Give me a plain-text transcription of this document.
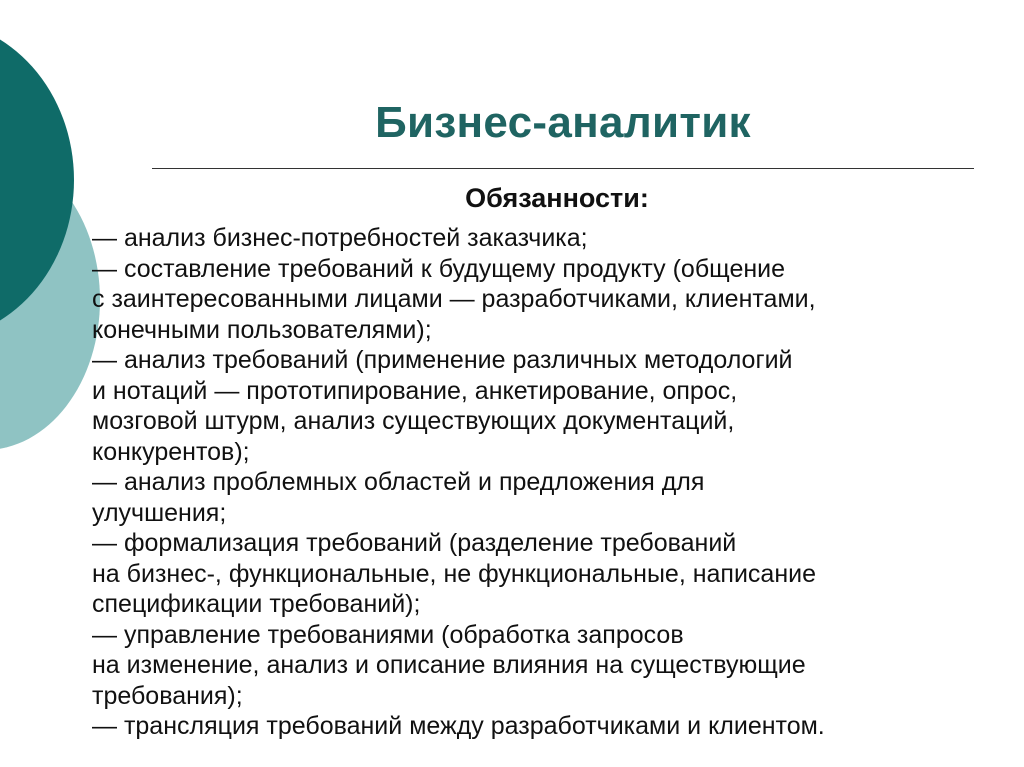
Бизнес-аналитик
Обязанности:
— анализ бизнес-потребностей заказчика;
— составление требований к будущему продукту (общение
с заинтересованными лицами — разработчиками, клиентами,
конечными пользователями);
— анализ требований (применение различных методологий
и нотаций — прототипирование, анкетирование, опрос,
мозговой штурм, анализ существующих документаций,
конкурентов);
— анализ проблемных областей и предложения для
улучшения;
— формализация требований (разделение требований
на бизнес-, функциональные, не функциональные, написание
спецификации требований);
— управление требованиями (обработка запросов
на изменение, анализ и описание влияния на существующие
требования);
— трансляция требований между разработчиками и клиентом.
